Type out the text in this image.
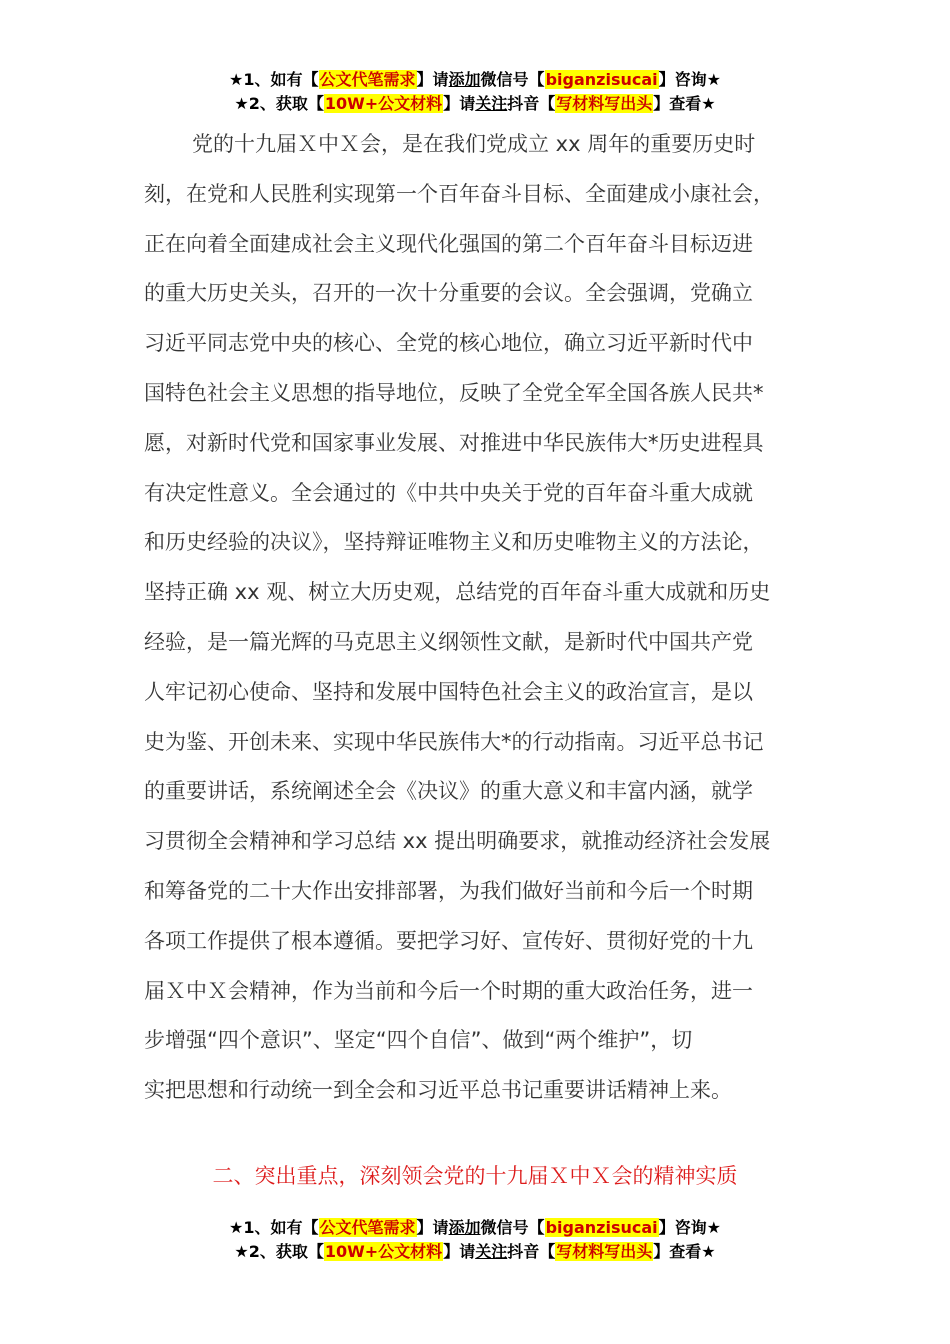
★1、如有【公文代笔需求】请添加微信号【biganzisucai】咨询★
★2、获取【10W+公文材料】请关注抖音【写材料写出头】查看★
党的十九届Ｘ中Ｘ会，是在我们党成立 xx 周年的重要历史时
刻，在党和人民胜利实现第一个百年奋斗目标、全面建成小康社会，
正在向着全面建成社会主义现代化强国的第二个百年奋斗目标迈进
的重大历史关头，召开的一次十分重要的会议。全会强调，党确立
习近平同志党中央的核心、全党的核心地位，确立习近平新时代中
国特色社会主义思想的指导地位，反映了全党全军全国各族人民共*
愿，对新时代党和国家事业发展、对推进中华民族伟大*历史进程具
有决定性意义。全会通过的《中共中央关于党的百年奋斗重大成就
和历史经验的决议》，坚持辩证唯物主义和历史唯物主义的方法论，
坚持正确 xx 观、树立大历史观，总结党的百年奋斗重大成就和历史
经验，是一篇光辉的马克思主义纲领性文献，是新时代中国共产党
人牢记初心使命、坚持和发展中国特色社会主义的政治宣言，是以
史为鉴、开创未来、实现中华民族伟大*的行动指南。习近平总书记
的重要讲话，系统阐述全会《决议》的重大意义和丰富内涵，就学
习贯彻全会精神和学习总结 xx 提出明确要求，就推动经济社会发展
和筹备党的二十大作出安排部署，为我们做好当前和今后一个时期
各项工作提供了根本遵循。要把学习好、宣传好、贯彻好党的十九
届Ｘ中Ｘ会精神，作为当前和今后一个时期的重大政治任务，进一
步增强“四个意识”、坚定“四个自信”、做到“两个维护”，切
实把思想和行动统一到全会和习近平总书记重要讲话精神上来。
二、突出重点，深刻领会党的十九届Ｘ中Ｘ会的精神实质
★1、如有【公文代笔需求】请添加微信号【biganzisucai】咨询★
★2、获取【10W+公文材料】请关注抖音【写材料写出头】查看★
